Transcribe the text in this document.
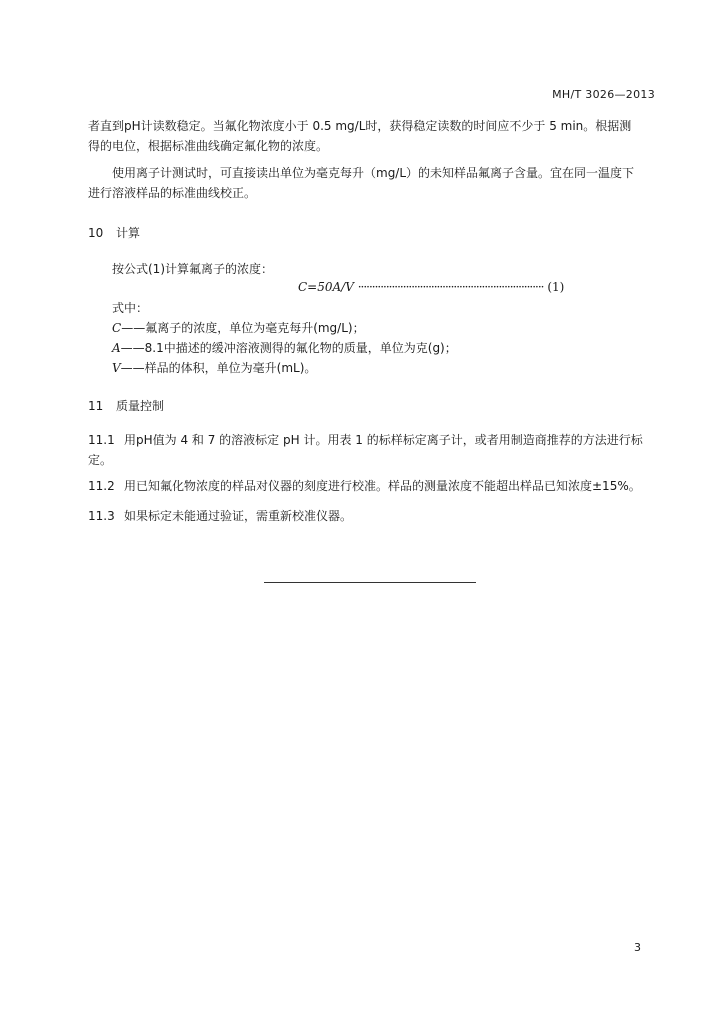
MH/T 3026—2013
者直到pH计读数稳定。当氟化物浓度小于 0.5 mg/L时，获得稳定读数的时间应不少于 5 min。根据测
得的电位，根据标准曲线确定氟化物的浓度。
使用离子计测试时，可直接读出单位为毫克每升（mg/L）的未知样品氟离子含量。宜在同一温度下
进行溶液样品的标准曲线校正。
10 计算
按公式(1)计算氟离子的浓度：
C=50A/V ·································································· (1)
式中：
C——氟离子的浓度，单位为毫克每升(mg/L)；
A——8.1中描述的缓冲溶液测得的氟化物的质量，单位为克(g)；
V——样品的体积，单位为毫升(mL)。
11 质量控制
11.1 用pH值为 4 和 7 的溶液标定 pH 计。用表 1 的标样标定离子计，或者用制造商推荐的方法进行标
定。
11.2 用已知氟化物浓度的样品对仪器的刻度进行校准。样品的测量浓度不能超出样品已知浓度±15%。
11.3 如果标定未能通过验证，需重新校准仪器。
3
